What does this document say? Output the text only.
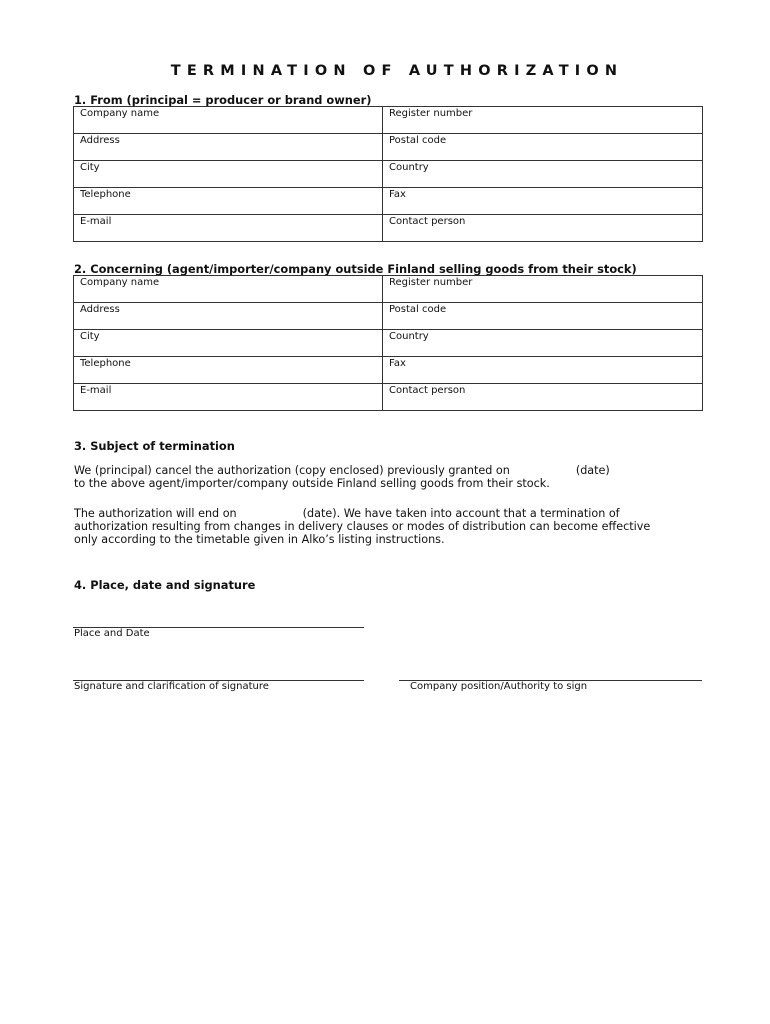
TERMINATION OF AUTHORIZATION
1. From (principal = producer or brand owner)
Company name	Register number
Address	Postal code
City	Country
Telephone	Fax
E-mail	Contact person
2. Concerning (agent/importer/company outside Finland selling goods from their stock)
Company name	Register number
Address	Postal code
City	Country
Telephone	Fax
E-mail	Contact person
3. Subject of termination
We (principal) cancel the authorization (copy enclosed) previously granted on	(date)
to the above agent/importer/company outside Finland selling goods from their stock.
The authorization will end on	(date). We have taken into account that a termination of
authorization resulting from changes in delivery clauses or modes of distribution can become effective
only according to the timetable given in Alko’s listing instructions.
4. Place, date and signature
Place and Date
Signature and clarification of signature	Company position/Authority to sign
